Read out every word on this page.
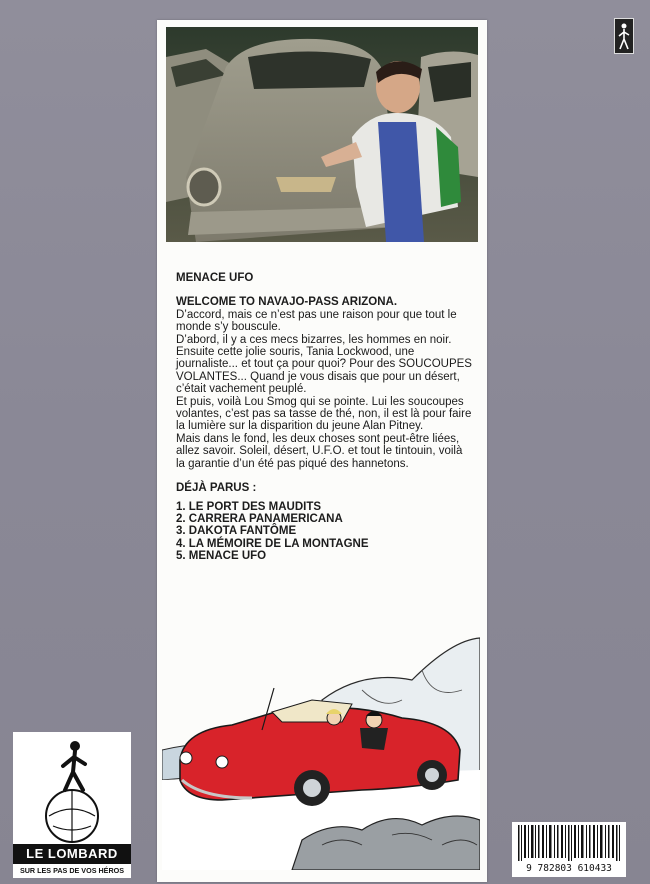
MENACE UFO

WELCOME TO NAVAJO-PASS ARIZONA.

D’accord, mais ce n’est pas une raison pour que tout le monde s’y bouscule.

D’abord, il y a ces mecs bizarres, les hommes en noir.

Ensuite cette jolie souris, Tania Lockwood, une journaliste... et tout ça pour quoi? Pour des SOUCOUPES VOLANTES... Quand je vous disais que pour un désert, c’était vachement peuplé.

Et puis, voilà Lou Smog qui se pointe. Lui les soucoupes volantes, c’est pas sa tasse de thé, non, il est là pour faire la lumière sur la disparition du jeune Alan Pitney.

Mais dans le fond, les deux choses sont peut-être liées, allez savoir. Soleil, désert, U.F.O. et tout le tintouin, voilà la garantie d’un été pas piqué des hannetons.

DÉJÀ PARUS :

1. LE PORT DES MAUDITS

2. CARRERA PANAMERICANA

3. DAKOTA FANTÔME

4. LA MÉMOIRE DE LA MONTAGNE

5. MENACE UFO

LE LOMBARD
SUR LES PAS DE VOS HÉROS	9 782803 610433
